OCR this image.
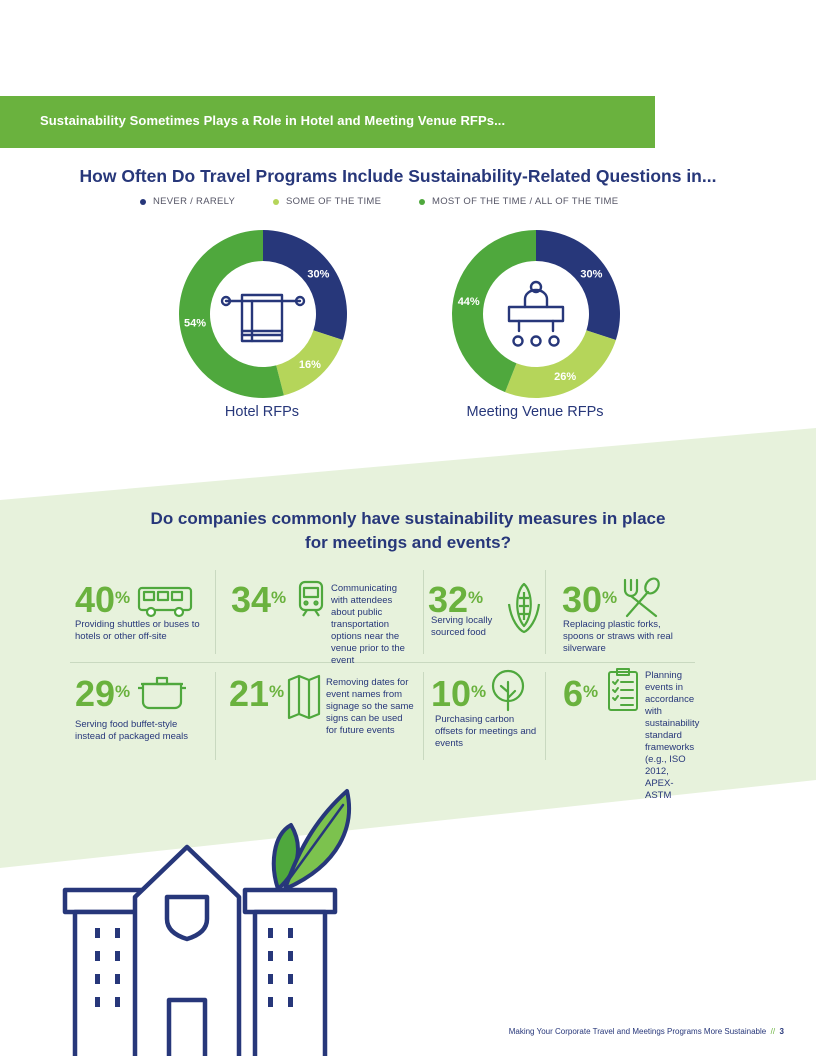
Sustainability Sometimes Plays a Role in Hotel and Meeting Venue RFPs...
How Often Do Travel Programs Include Sustainability-Related Questions in...
NEVER / RARELY	SOME OF THE TIME	MOST OF THE TIME / ALL OF THE TIME
30%
16%
54%
30%
26%
44%
Hotel RFPs	Meeting Venue RFPs
Do companies commonly have sustainability measures in place
for meetings and events?
40%
Providing shuttles or buses to hotels or other off-site
34%	Communicating with attendees about public transportation options near the venue prior to the event
32%
Serving locally sourced food
30%
Replacing plastic forks, spoons or straws with real silverware
29%
Serving food buffet-style instead of packaged meals
21%	Removing dates for event names from signage so the same signs can be used for future events
10%
Purchasing carbon offsets for meetings and events
6%
Planning events in accordance with sustainability standard frameworks (e.g., ISO 2012, APEX-ASTM
大数跨境	Making Your Corporate Travel and Meetings Programs More Sustainable // 3
